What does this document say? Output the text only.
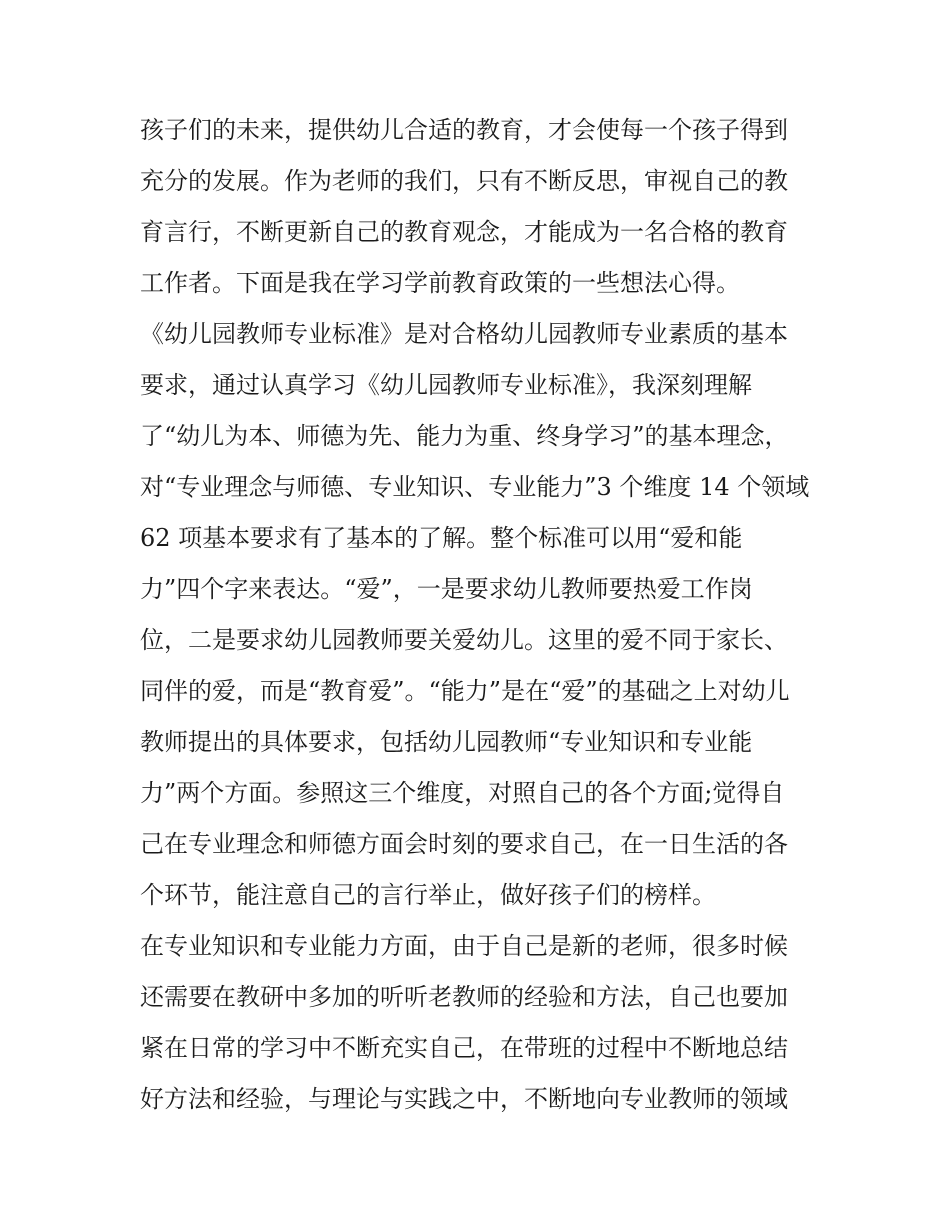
孩子们的未来，提供幼儿合适的教育，才会使每一个孩子得到
充分的发展。作为老师的我们，只有不断反思，审视自己的教
育言行，不断更新自己的教育观念，才能成为一名合格的教育
工作者。下面是我在学习学前教育政策的一些想法心得。
《幼儿园教师专业标准》是对合格幼儿园教师专业素质的基本
要求，通过认真学习《幼儿园教师专业标准》，我深刻理解
了“幼儿为本、师德为先、能力为重、终身学习”的基本理念，
对“专业理念与师德、专业知识、专业能力”3 个维度 14 个领域
62 项基本要求有了基本的了解。整个标准可以用“爱和能
力”四个字来表达。“爱”，一是要求幼儿教师要热爱工作岗
位，二是要求幼儿园教师要关爱幼儿。这里的爱不同于家长、
同伴的爱，而是“教育爱”。“能力”是在“爱”的基础之上对幼儿
教师提出的具体要求，包括幼儿园教师“专业知识和专业能
力”两个方面。参照这三个维度，对照自己的各个方面;觉得自
己在专业理念和师德方面会时刻的要求自己，在一日生活的各
个环节，能注意自己的言行举止，做好孩子们的榜样。
在专业知识和专业能力方面，由于自己是新的老师，很多时候
还需要在教研中多加的听听老教师的经验和方法，自己也要加
紧在日常的学习中不断充实自己，在带班的过程中不断地总结
好方法和经验，与理论与实践之中，不断地向专业教师的领域
